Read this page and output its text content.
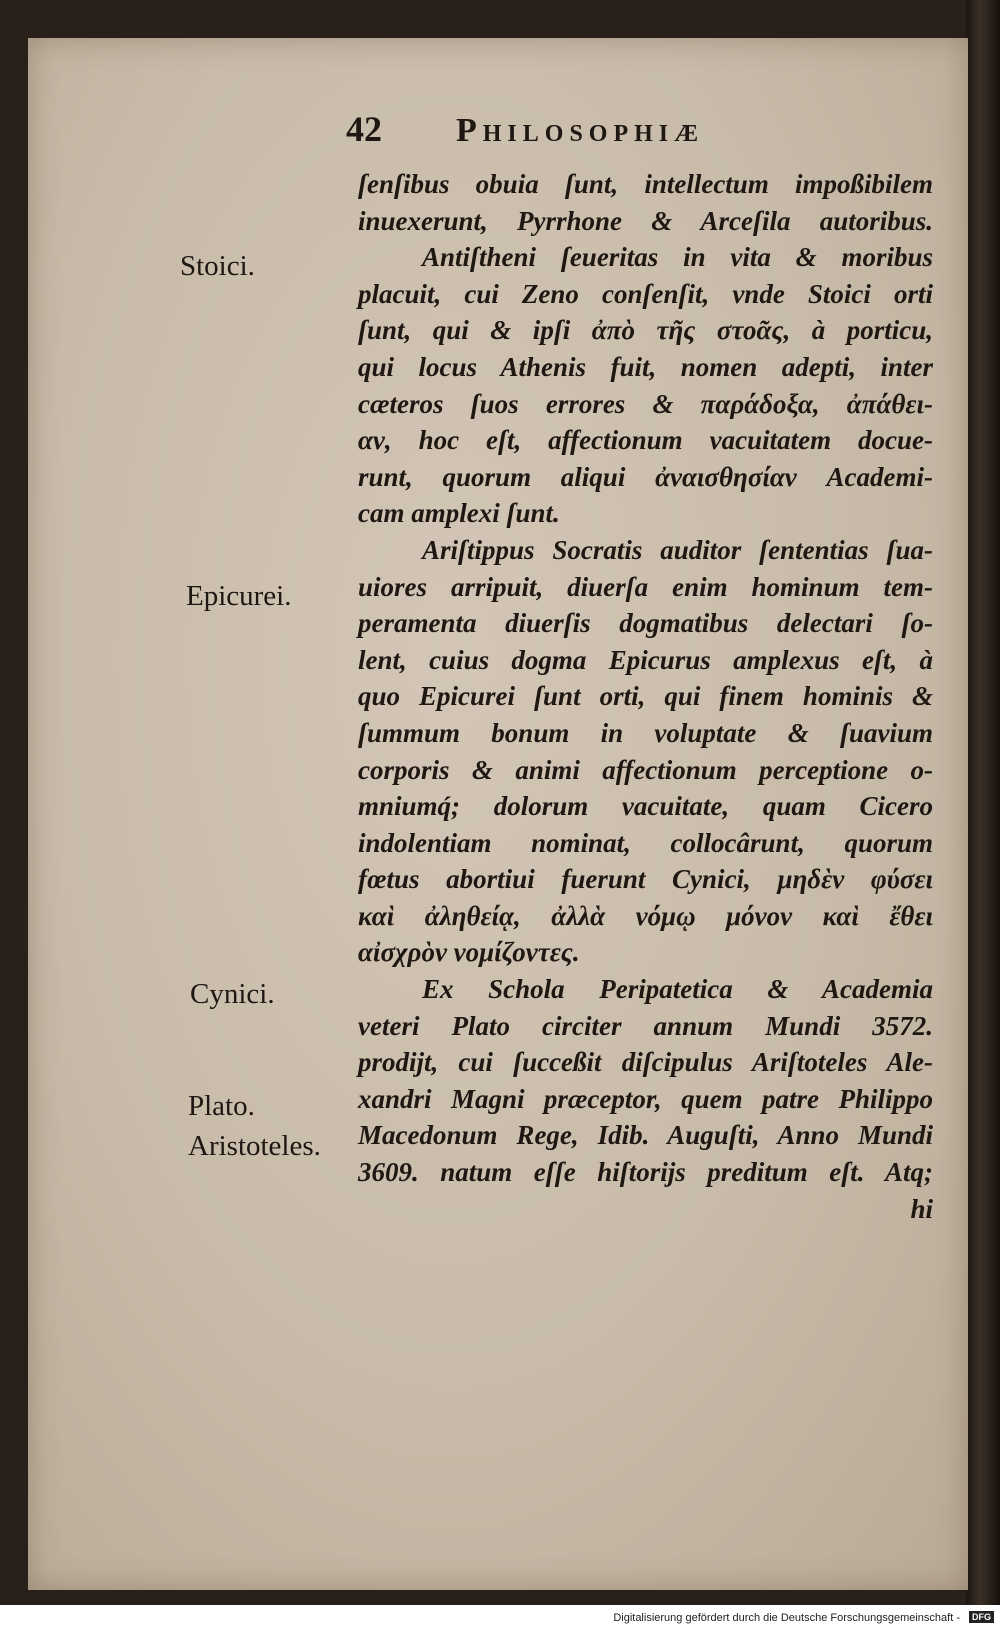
42 Philosophiæ
Stoici.
Epicurei.
Cynici.
Plato.
Aristoteles.
ſenſibus obuia ſunt, intellectum impoßibilem
inuexerunt, Pyrrhone & Arceſila autoribus.
Antiſtheni ſeueritas in vita & moribus
placuit, cui Zeno conſenſit, vnde Stoici orti
ſunt, qui & ipſi ἀπὸ τῆς στοᾶς, à porticu,
qui locus Athenis fuit, nomen adepti, inter
cæteros ſuos errores & παράδοξα, ἀπάθει-
αν, hoc eſt, affectionum vacuitatem docue-
runt, quorum aliqui ἀναισθησίαν Academi-
cam amplexi ſunt.
Ariſtippus Socratis auditor ſententias ſua-
uiores arripuit, diuerſa enim hominum tem-
peramenta diuerſis dogmatibus delectari ſo-
lent, cuius dogma Epicurus amplexus eſt, à
quo Epicurei ſunt orti, qui finem hominis &
ſummum bonum in voluptate & ſuavium
corporis & animi affectionum perceptione o-
mniumq́; dolorum vacuitate, quam Cicero
indolentiam nominat, collocârunt, quorum
fœtus abortiui fuerunt Cynici, μηδὲν φύσει
καὶ ἀληθείᾳ, ἀλλὰ νόμῳ μόνον καὶ ἔθει
αἰσχρὸν νομίζοντες.
Ex Schola Peripatetica & Academia
veteri Plato circiter annum Mundi 3572.
prodijt, cui ſucceßit diſcipulus Ariſtoteles Ale-
xandri Magni præceptor, quem patre Philippo
Macedonum Rege, Idib. Auguſti, Anno Mundi
3609. natum eſſe hiſtorijs preditum eſt. Atq;
hi
Digitalisierung gefördert durch die Deutsche Forschungsgemeinschaft -	DFG
